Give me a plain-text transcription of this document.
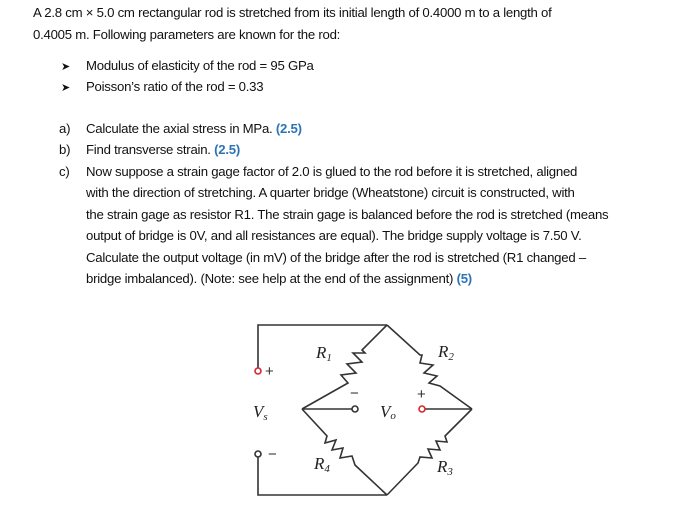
A 2.8 cm × 5.0 cm rectangular rod is stretched from its initial length of 0.4000 m to a length of
0.4005 m. Following parameters are known for the rod:
➤ Modulus of elasticity of the rod = 95 GPa
➤ Poisson’s ratio of the rod = 0.33
a) Calculate the axial stress in MPa. (2.5)
b) Find transverse strain. (2.5)
c) Now suppose a strain gage factor of 2.0 is glued to the rod before it is stretched, aligned
with the direction of stretching. A quarter bridge (Wheatstone) circuit is constructed, with
the strain gage as resistor R1. The strain gage is balanced before the rod is stretched (means
output of bridge is 0V, and all resistances are equal). The bridge supply voltage is 7.50 V.
Calculate the output voltage (in mV) of the bridge after the rod is stretched (R1 changed –
bridge imbalanced). (Note: see help at the end of the assignment) (5)
R1	R2
R3
R4
Vs	Vo
+
−
−	+
